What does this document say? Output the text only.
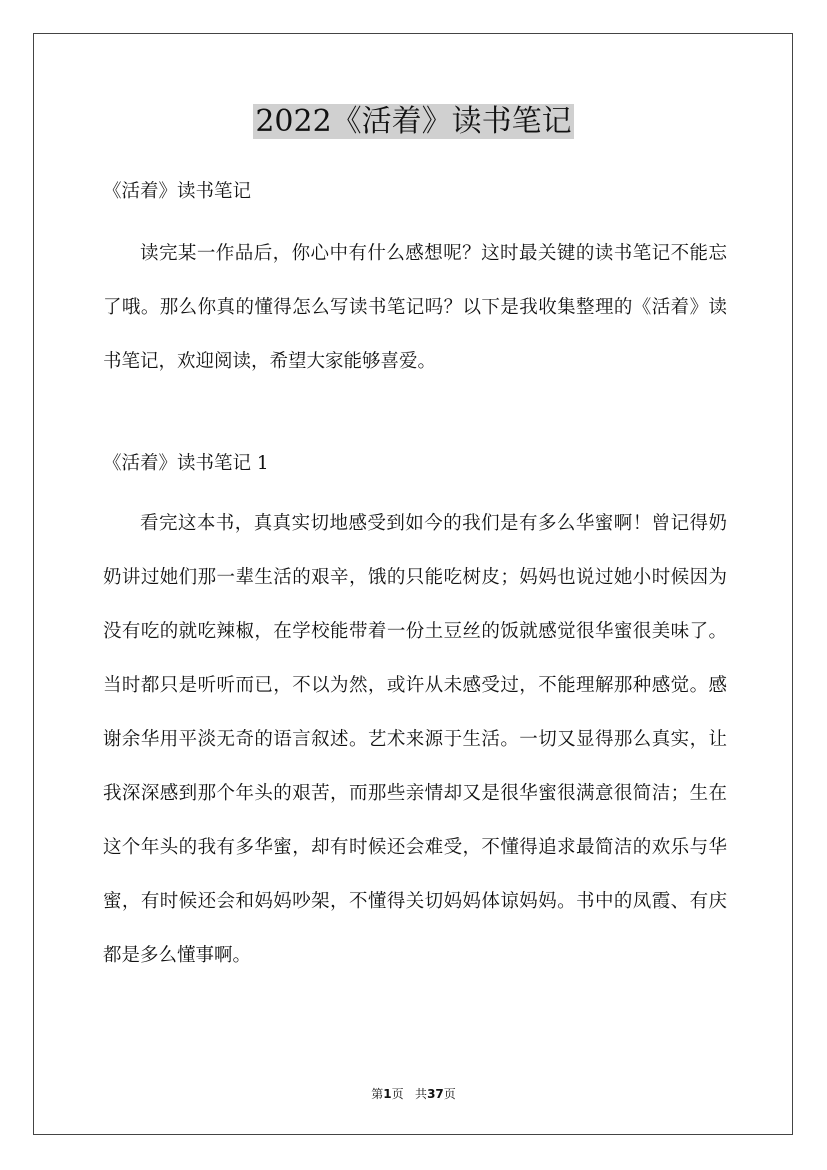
2022《活着》读书笔记
《活着》读书笔记

读完某一作品后，你心中有什么感想呢？这时最关键的读书笔记不能忘了哦。那么你真的懂得怎么写读书笔记吗？以下是我收集整理的《活着》读书笔记，欢迎阅读，希望大家能够喜爱。

《活着》读书笔记 1

看完这本书，真真实切地感受到如今的我们是有多么华蜜啊！曾记得奶奶讲过她们那一辈生活的艰辛，饿的只能吃树皮；妈妈也说过她小时候因为没有吃的就吃辣椒，在学校能带着一份土豆丝的饭就感觉很华蜜很美味了。当时都只是听听而已，不以为然，或许从未感受过，不能理解那种感觉。感谢余华用平淡无奇的语言叙述。艺术来源于生活。一切又显得那么真实，让我深深感到那个年头的艰苦，而那些亲情却又是很华蜜很满意很简洁；生在这个年头的我有多华蜜，却有时候还会难受，不懂得追求最简洁的欢乐与华蜜，有时候还会和妈妈吵架，不懂得关切妈妈体谅妈妈。书中的凤霞、有庆都是多么懂事啊。

第1页 共37页
